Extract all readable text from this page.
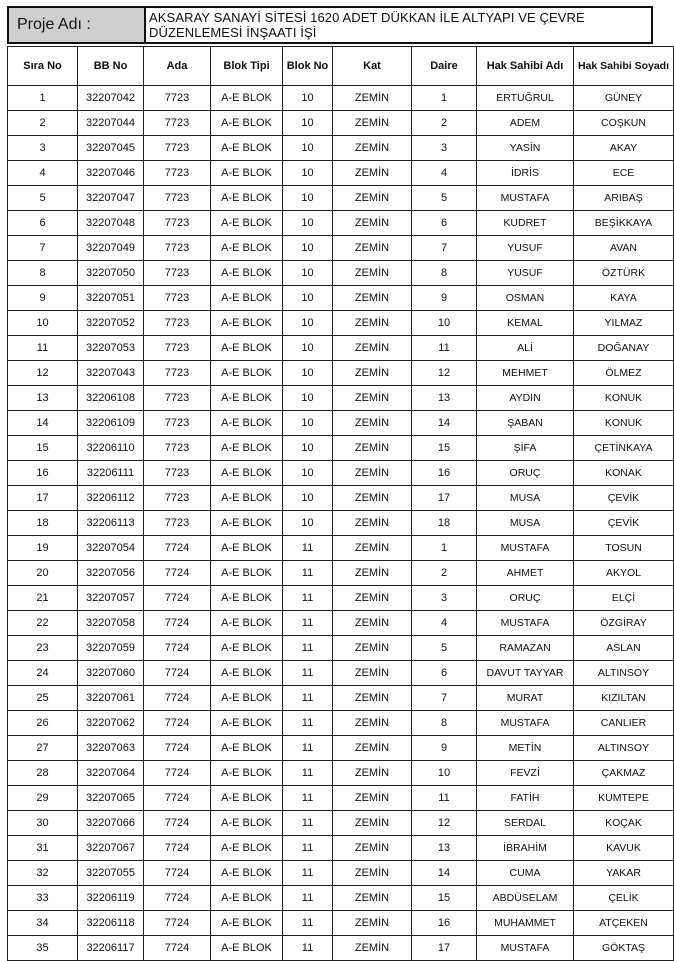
Proje Adı :	AKSARAY SANAYİ SİTESİ 1620 ADET DÜKKAN İLE ALTYAPI VE ÇEVRE DÜZENLEMESİ İNŞAATI İŞİ
Sıra No	BB No	Ada	Blok Tipi	Blok No	Kat	Daire	Hak Sahibi Adı	Hak Sahibi Soyadı
1	32207042	7723	A-E BLOK	10	ZEMİN	1	ERTUĞRUL	GÜNEY
2	32207044	7723	A-E BLOK	10	ZEMİN	2	ADEM	COŞKUN
3	32207045	7723	A-E BLOK	10	ZEMİN	3	YASİN	AKAY
4	32207046	7723	A-E BLOK	10	ZEMİN	4	İDRİS	ECE
5	32207047	7723	A-E BLOK	10	ZEMİN	5	MUSTAFA	ARIBAŞ
6	32207048	7723	A-E BLOK	10	ZEMİN	6	KUDRET	BEŞİKKAYA
7	32207049	7723	A-E BLOK	10	ZEMİN	7	YUSUF	AVAN
8	32207050	7723	A-E BLOK	10	ZEMİN	8	YUSUF	ÖZTÜRK
9	32207051	7723	A-E BLOK	10	ZEMİN	9	OSMAN	KAYA
10	32207052	7723	A-E BLOK	10	ZEMİN	10	KEMAL	YILMAZ
11	32207053	7723	A-E BLOK	10	ZEMİN	11	ALİ	DOĞANAY
12	32207043	7723	A-E BLOK	10	ZEMİN	12	MEHMET	ÖLMEZ
13	32206108	7723	A-E BLOK	10	ZEMİN	13	AYDIN	KONUK
14	32206109	7723	A-E BLOK	10	ZEMİN	14	ŞABAN	KONUK
15	32206110	7723	A-E BLOK	10	ZEMİN	15	ŞİFA	ÇETİNKAYA
16	32206111	7723	A-E BLOK	10	ZEMİN	16	ORUÇ	KONAK
17	32206112	7723	A-E BLOK	10	ZEMİN	17	MUSA	ÇEVİK
18	32206113	7723	A-E BLOK	10	ZEMİN	18	MUSA	ÇEVİK
19	32207054	7724	A-E BLOK	11	ZEMİN	1	MUSTAFA	TOSUN
20	32207056	7724	A-E BLOK	11	ZEMİN	2	AHMET	AKYOL
21	32207057	7724	A-E BLOK	11	ZEMİN	3	ORUÇ	ELÇİ
22	32207058	7724	A-E BLOK	11	ZEMİN	4	MUSTAFA	ÖZGİRAY
23	32207059	7724	A-E BLOK	11	ZEMİN	5	RAMAZAN	ASLAN
24	32207060	7724	A-E BLOK	11	ZEMİN	6	DAVUT TAYYAR	ALTINSOY
25	32207061	7724	A-E BLOK	11	ZEMİN	7	MURAT	KIZILTAN
26	32207062	7724	A-E BLOK	11	ZEMİN	8	MUSTAFA	CANLIER
27	32207063	7724	A-E BLOK	11	ZEMİN	9	METİN	ALTINSOY
28	32207064	7724	A-E BLOK	11	ZEMİN	10	FEVZİ	ÇAKMAZ
29	32207065	7724	A-E BLOK	11	ZEMİN	11	FATİH	KUMTEPE
30	32207066	7724	A-E BLOK	11	ZEMİN	12	SERDAL	KOÇAK
31	32207067	7724	A-E BLOK	11	ZEMİN	13	İBRAHİM	KAVUK
32	32207055	7724	A-E BLOK	11	ZEMİN	14	CUMA	YAKAR
33	32206119	7724	A-E BLOK	11	ZEMİN	15	ABDÜSELAM	ÇELİK
34	32206118	7724	A-E BLOK	11	ZEMİN	16	MUHAMMET	ATÇEKEN
35	32206117	7724	A-E BLOK	11	ZEMİN	17	MUSTAFA	GÖKTAŞ
